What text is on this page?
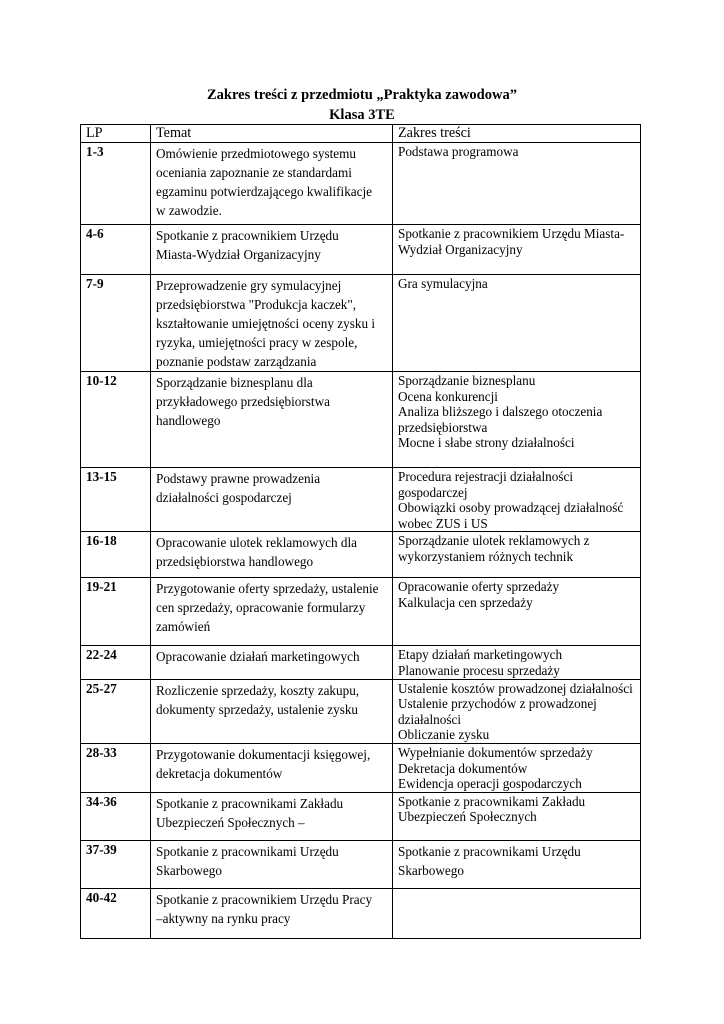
Zakres treści z przedmiotu „Praktyka zawodowa”
Klasa 3TE
LP	Temat	Zakres treści
1-3	Omówienie przedmiotowego systemu
oceniania zapoznanie ze standardami
egzaminu potwierdzającego kwalifikacje
w zawodzie.	Podstawa programowa

4-6	Spotkanie z pracownikiem Urzędu
Miasta-Wydział Organizacyjny	Spotkanie z pracownikiem Urzędu Miasta-
Wydział Organizacyjny

7-9	Przeprowadzenie gry symulacyjnej
przedsiębiorstwa "Produkcja kaczek",
kształtowanie umiejętności oceny zysku i
ryzyka, umiejętności pracy w zespole,
poznanie podstaw zarządzania	Gra symulacyjna

10-12	Sporządzanie biznesplanu dla
przykładowego przedsiębiorstwa
handlowego	Sporządzanie biznesplanu
Ocena konkurencji
Analiza bliższego i dalszego otoczenia
przedsiębiorstwa
Mocne i słabe strony działalności

13-15	Podstawy prawne prowadzenia
działalności gospodarczej	Procedura rejestracji działalności
gospodarczej
Obowiązki osoby prowadzącej działalność
wobec ZUS i US

16-18	Opracowanie ulotek reklamowych dla
przedsiębiorstwa handlowego	Sporządzanie ulotek reklamowych z
wykorzystaniem różnych technik

19-21	Przygotowanie oferty sprzedaży, ustalenie
cen sprzedaży, opracowanie formularzy
zamówień	Opracowanie oferty sprzedaży
Kalkulacja cen sprzedaży

22-24	Opracowanie działań marketingowych	Etapy działań marketingowych
Planowanie procesu sprzedaży

25-27	Rozliczenie sprzedaży, koszty zakupu,
dokumenty sprzedaży, ustalenie zysku	Ustalenie kosztów prowadzonej działalności
Ustalenie przychodów z prowadzonej
działalności
Obliczanie zysku

28-33	Przygotowanie dokumentacji księgowej,
dekretacja dokumentów	Wypełnianie dokumentów sprzedaży
Dekretacja dokumentów
Ewidencja operacji gospodarczych

34-36	Spotkanie z pracownikami Zakładu
Ubezpieczeń Społecznych –	Spotkanie z pracownikami Zakładu
Ubezpieczeń Społecznych

37-39	Spotkanie z pracownikami Urzędu
Skarbowego	Spotkanie z pracownikami Urzędu
Skarbowego

40-42	Spotkanie z pracownikiem Urzędu Pracy
–aktywny na rynku pracy	
